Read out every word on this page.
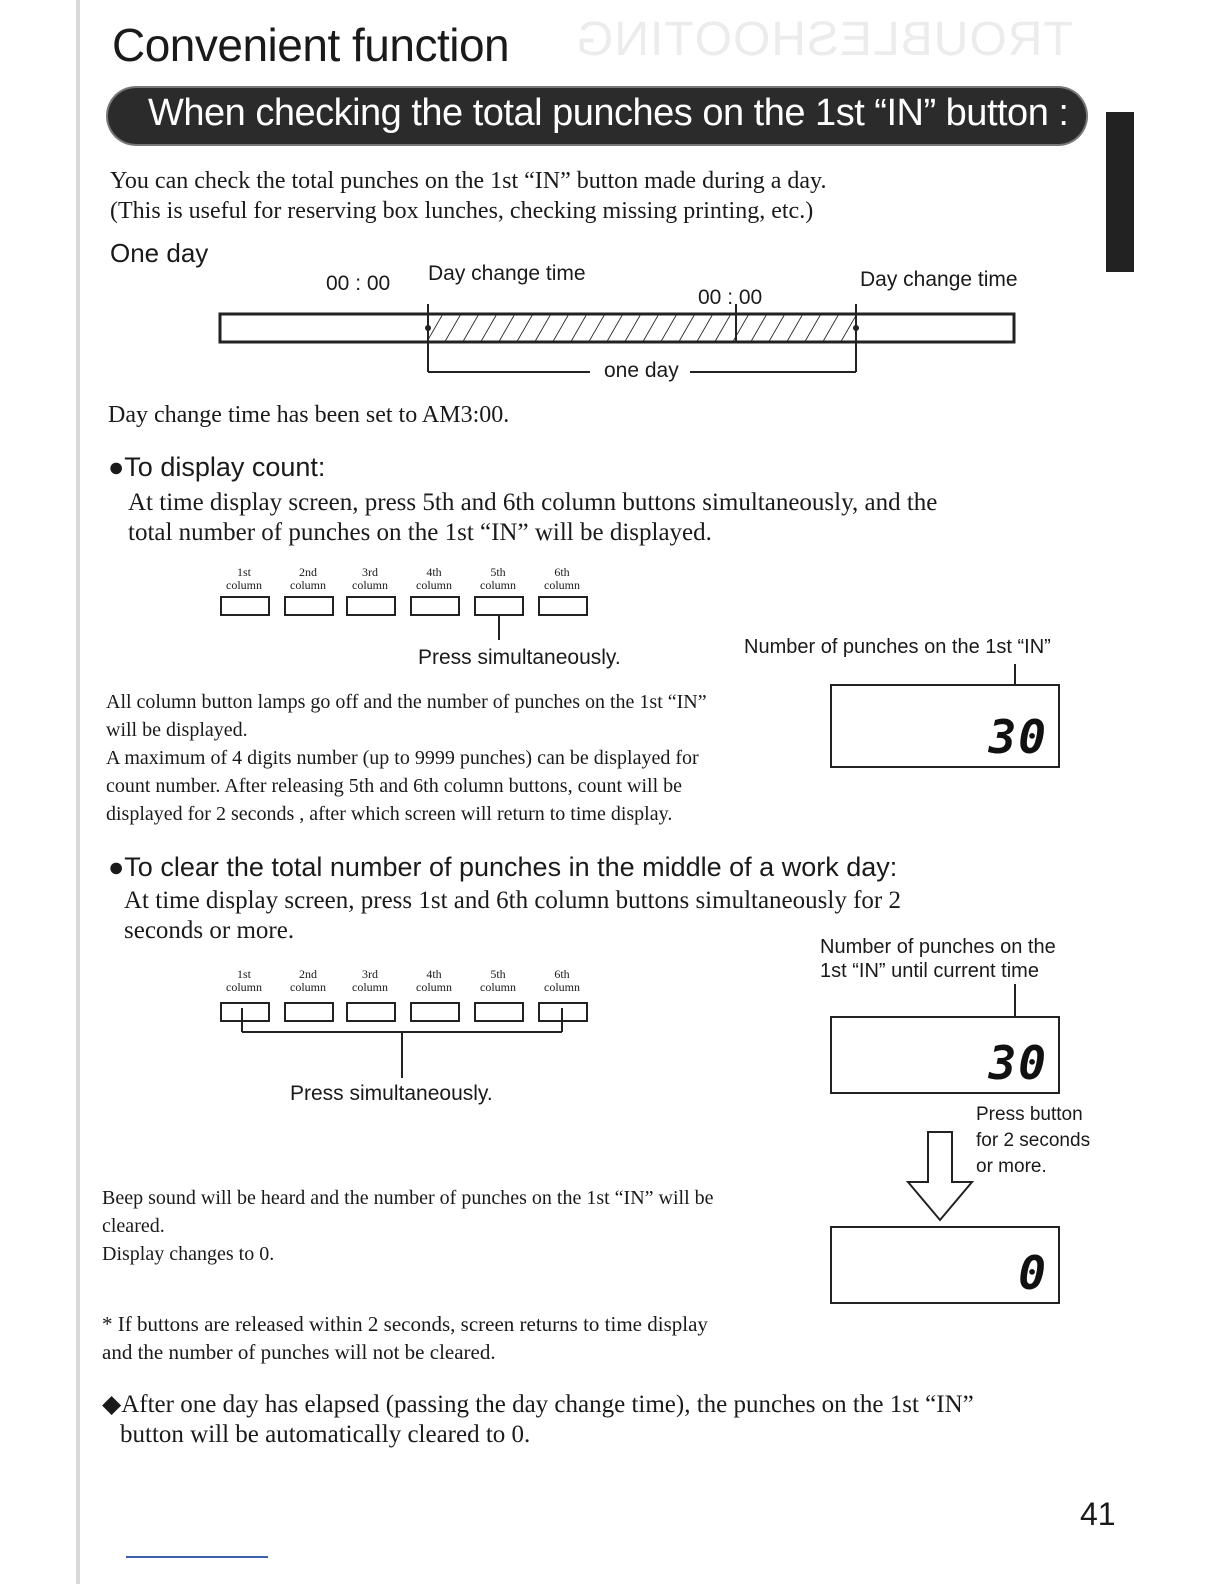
TROUBLESHOOTING
Convenient function
When checking the total punches on the 1st “IN” button :
You can check the total punches on the 1st “IN” button made during a day.
(This is useful for reserving box lunches, checking missing printing, etc.)
One day
00 : 00 Day change time
00 : 00
Day change time
one day
Day change time has been set to AM3:00.
●To display count:
At time display screen, press 5th and 6th column buttons simultaneously, and the
total number of punches on the 1st “IN” will be displayed.
1st
column
2nd
column
3rd
column
4th
column
5th
column
6th
column
Press simultaneously.	Number of punches on the 1st “IN”
30
All column button lamps go off and the number of punches on the 1st “IN”
will be displayed.
A maximum of 4 digits number (up to 9999 punches) can be displayed for
count number. After releasing 5th and 6th column buttons, count will be
displayed for 2 seconds , after which screen will return to time display.
●To clear the total number of punches in the middle of a work day:
At time display screen, press 1st and 6th column buttons simultaneously for 2
seconds or more.
Number of punches on the
1st “IN” until current time
1st
column
2nd
column
3rd
column
4th
column
5th
column
6th
column
Press simultaneously.
30
Press button
for 2 seconds
or more.
0
Beep sound will be heard and the number of punches on the 1st “IN” will be
cleared.
Display changes to 0.
* If buttons are released within 2 seconds, screen returns to time display
and the number of punches will not be cleared.
◆After one day has elapsed (passing the day change time), the punches on the 1st “IN”
button will be automatically cleared to 0.
41
